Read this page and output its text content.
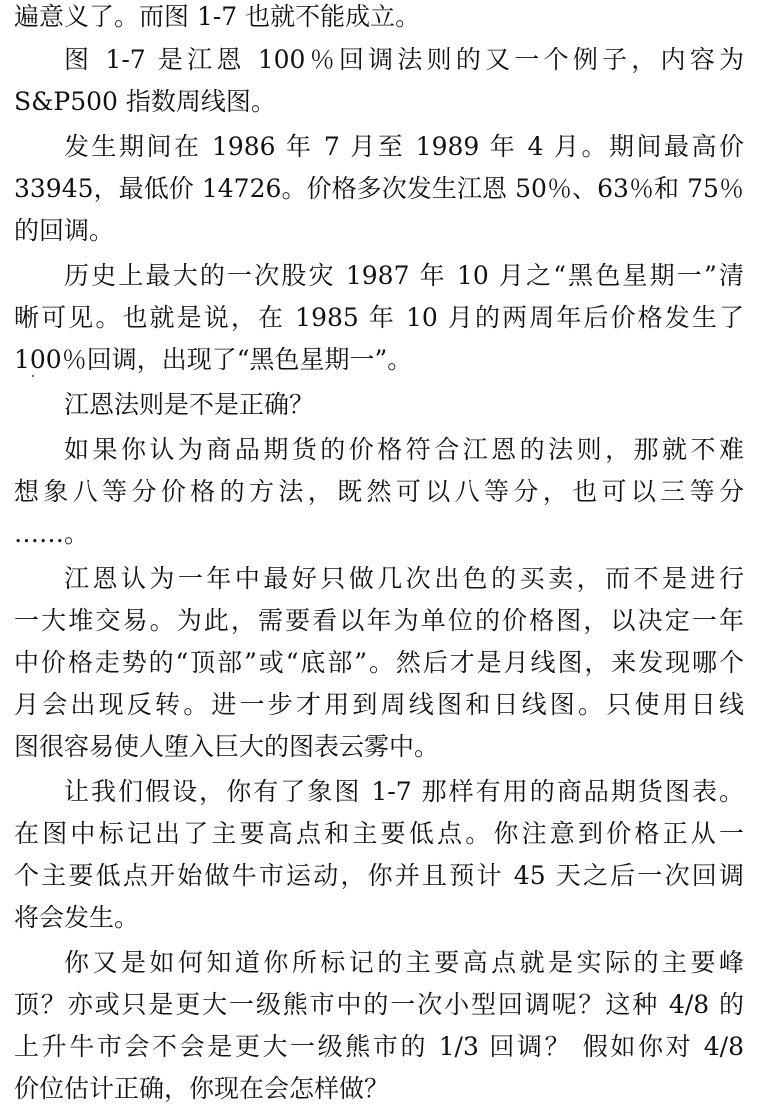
遍意义了。而图 1-7 也就不能成立。
图 1-7 是江恩 100％回调法则的又一个例子，内容为
S&P500 指数周线图。
发生期间在 1986 年 7 月至 1989 年 4 月。期间最高价
33945，最低价 14726。价格多次发生江恩 50％、63％和 75％
的回调。
历史上最大的一次股灾 1987 年 10 月之“黑色星期一”清
晰可见。也就是说，在 1985 年 10 月的两周年后价格发生了
100％回调，出现了“黑色星期一”。
江恩法则是不是正确？
如果你认为商品期货的价格符合江恩的法则，那就不难
想象八等分价格的方法，既然可以八等分，也可以三等分
……。
江恩认为一年中最好只做几次出色的买卖，而不是进行
一大堆交易。为此，需要看以年为单位的价格图，以决定一年
中价格走势的“顶部”或“底部”。然后才是月线图，来发现哪个
月会出现反转。进一步才用到周线图和日线图。只使用日线
图很容易使人堕入巨大的图表云雾中。
让我们假设，你有了象图 1-7 那样有用的商品期货图表。
在图中标记出了主要高点和主要低点。你注意到价格正从一
个主要低点开始做牛市运动，你并且预计 45 天之后一次回调
将会发生。
你又是如何知道你所标记的主要高点就是实际的主要峰
顶？亦或只是更大一级熊市中的一次小型回调呢？这种 4/8 的
上升牛市会不会是更大一级熊市的 1/3 回调？ 假如你对 4/8
价位估计正确，你现在会怎样做？
